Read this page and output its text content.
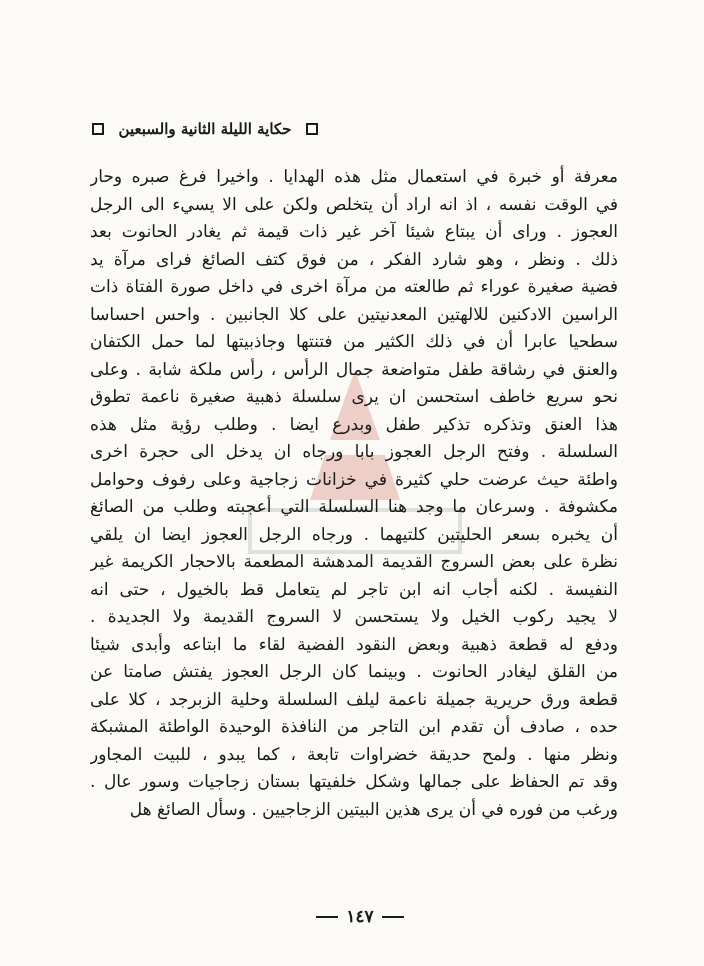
حكاية الليلة الثانية والسبعين
معرفة أو خبرة في استعمال مثل هذه الهدايا . واخيرا فرغ صبره وحار
في الوقت نفسه ، اذ انه اراد أن يتخلص ولكن على الا يسيء الى الرجل
العجوز . وراى أن يبتاع شيئا آخر غير ذات قيمة ثم يغادر الحانوت بعد
ذلك . ونظر ، وهو شارد الفكر ، من فوق كتف الصائغ فراى مرآة يد
فضية صغيرة عوراء ثم طالعته من مرآة اخرى في داخل صورة الفتاة ذات
الراسين الادكنين للالهتين المعدنيتين على كلا الجانبين . واحس احساسا
سطحيا عابرا أن في ذلك الكثير من فتنتها وجاذبيتها لما حمل الكتفان
والعنق في رشاقة طفل متواضعة جمال الرأس ، رأس ملكة شابة . وعلى
نحو سريع خاطف استحسن ان يرى سلسلة ذهبية صغيرة ناعمة تطوق
هذا العنق وتذكره تذكير طفل وبدرع ايضا . وطلب رؤية مثل هذه
السلسلة . وفتح الرجل العجوز بابا ورجاه ان يدخل الى حجرة اخرى
واطئة حيث عرضت حلي كثيرة في خزانات زجاجية وعلى رفوف وحوامل
مكشوفة . وسرعان ما وجد هنا السلسلة التي أعجبته وطلب من الصائغ
أن يخبره بسعر الحليتين كلتيهما . ورجاه الرجل العجوز ايضا ان يلقي
نظرة على بعض السروج القديمة المدهشة المطعمة بالاحجار الكريمة غير
النفيسة . لكنه أجاب انه ابن تاجر لم يتعامل قط بالخيول ، حتى انه
لا يجيد ركوب الخيل ولا يستحسن لا السروج القديمة ولا الجديدة .
ودفع له قطعة ذهبية وبعض النقود الفضية لقاء ما ابتاعه وأبدى شيئا
من القلق ليغادر الحانوت . وبينما كان الرجل العجوز يفتش صامتا عن
قطعة ورق حريرية جميلة ناعمة ليلف السلسلة وحلية الزبرجد ، كلا على
حده ، صادف أن تقدم ابن التاجر من النافذة الوحيدة الواطئة المشبكة
ونظر منها . ولمح حديقة خضراوات تابعة ، كما يبدو ، للبيت المجاور
وقد تم الحفاظ على جمالها وشكل خلفيتها بستان زجاجيات وسور عال .
ورغب من فوره في أن يرى هذين البيتين الزجاجيين . وسأل الصائغ هل
١٤٧
